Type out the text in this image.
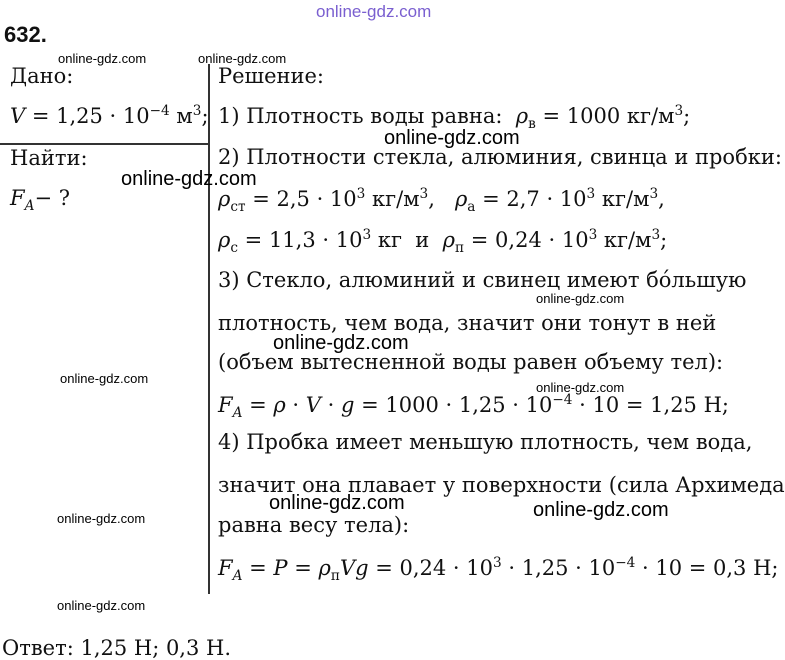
online-gdz.com
632.
Дано:
$V = 1,25 \cdot 10^{-4}$ $м^3$;
Найти:
$F_A-$ ?
Решение:
1) Плотность воды равна:  $\rho_в = 1000$ $кг/м^3$;
2) Плотности стекла, алюминия, свинца и пробки:
$\rho_{ст} = 2,5 \cdot 10^3$ $кг/м^3$,   $\rho_а = 2,7 \cdot 10^3$ $кг/м^3$,
$\rho_с = 11,3 \cdot 10^3$ кг  и  $\rho_п = 0,24 \cdot 10^3$ $кг/м^3$;
3) Стекло, алюминий и свинец имеют бо́льшую
плотность, чем вода, значит они тонут в ней
(объем вытесненной воды равен объему тел):
$F_A = \rho \cdot V \cdot g = 1000 \cdot 1,25 \cdot 10^{-4} \cdot 10 = 1,25$ Н;
4) Пробка имеет меньшую плотность, чем вода,
значит она плавает у поверхности (сила Архимеда
равна весу тела):
$F_A = P = \rho_пVg = 0,24 \cdot 10^3 \cdot 1,25 \cdot 10^{-4} \cdot 10 = 0,3$ Н;
Ответ: 1,25 Н; 0,3 Н.
online-gdz.com	online-gdz.com
online-gdz.com
online-gdz.com
online-gdz.com
online-gdz.com
online-gdz.com
online-gdz.com
online-gdz.com	online-gdz.com
online-gdz.com
online-gdz.com
